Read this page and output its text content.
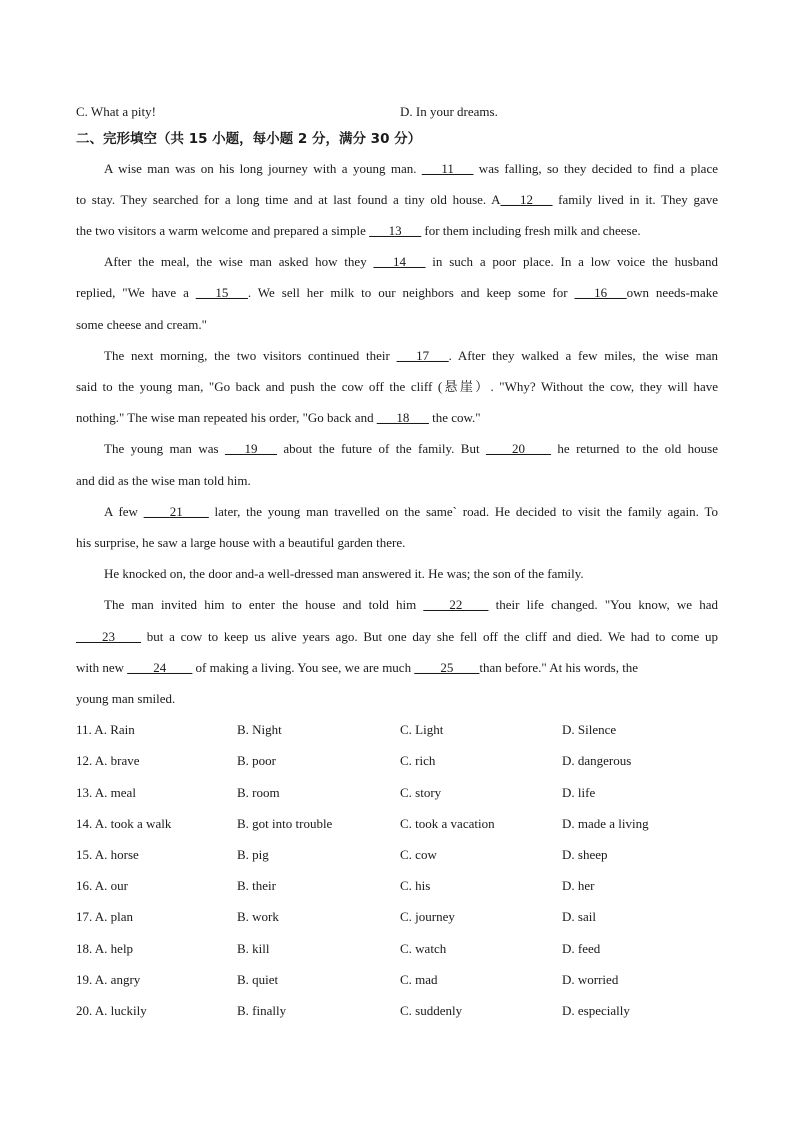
C. What a pity!	D. In your dreams.
二、完形填空（共 15 小题，每小题 2 分，满分 30 分）
A wise man was on his long journey with a young man. ___11___ was falling, so they decided to find a place
to stay. They searched for a long time and at last found a tiny old house. A___12___ family lived in it. They gave
the two visitors a warm welcome and prepared a simple ___13___ for them including fresh milk and cheese.
After the meal, the wise man asked how they ___14___ in such a poor place. In a low voice the husband
replied, "We have a ___15___. We sell her milk to our neighbors and keep some for ___16___own needs-make
some cheese and cream."
The next morning, the two visitors continued their ___17___. After they walked a few miles, the wise man
said to the young man, "Go back and push the cow off the cliff (悬崖）. "Why? Without the cow, they will have
nothing." The wise man repeated his order, "Go back and ___18___ the cow."
The young man was ___19___ about the future of the family. But ____20____ he returned to the old house
and did as the wise man told him.
A few ____21____ later, the young man travelled on the same` road. He decided to visit the family again. To
his surprise, he saw a large house with a beautiful garden there.
He knocked on, the door and-a well-dressed man answered it. He was; the son of the family.
The man invited him to enter the house and told him ____22____ their life changed. "You know, we had
____23____ but a cow to keep us alive years ago. But one day she fell off the cliff and died. We had to come up
with new ____24____ of making a living. You see, we are much ____25____than before." At his words, the
young man smiled.
11. A. Rain	B. Night	C. Light	D. Silence
12. A. brave	B. poor	C. rich	D. dangerous
13. A. meal	B. room	C. story	D. life
14. A. took a walk	B. got into trouble	C. took a vacation	D. made a living
15. A. horse	B. pig	C. cow	D. sheep
16. A. our	B. their	C. his	D. her
17. A. plan	B. work	C. journey	D. sail
18. A. help	B. kill	C. watch	D. feed
19. A. angry	B. quiet	C. mad	D. worried
20. A. luckily	B. finally	C. suddenly	D. especially
